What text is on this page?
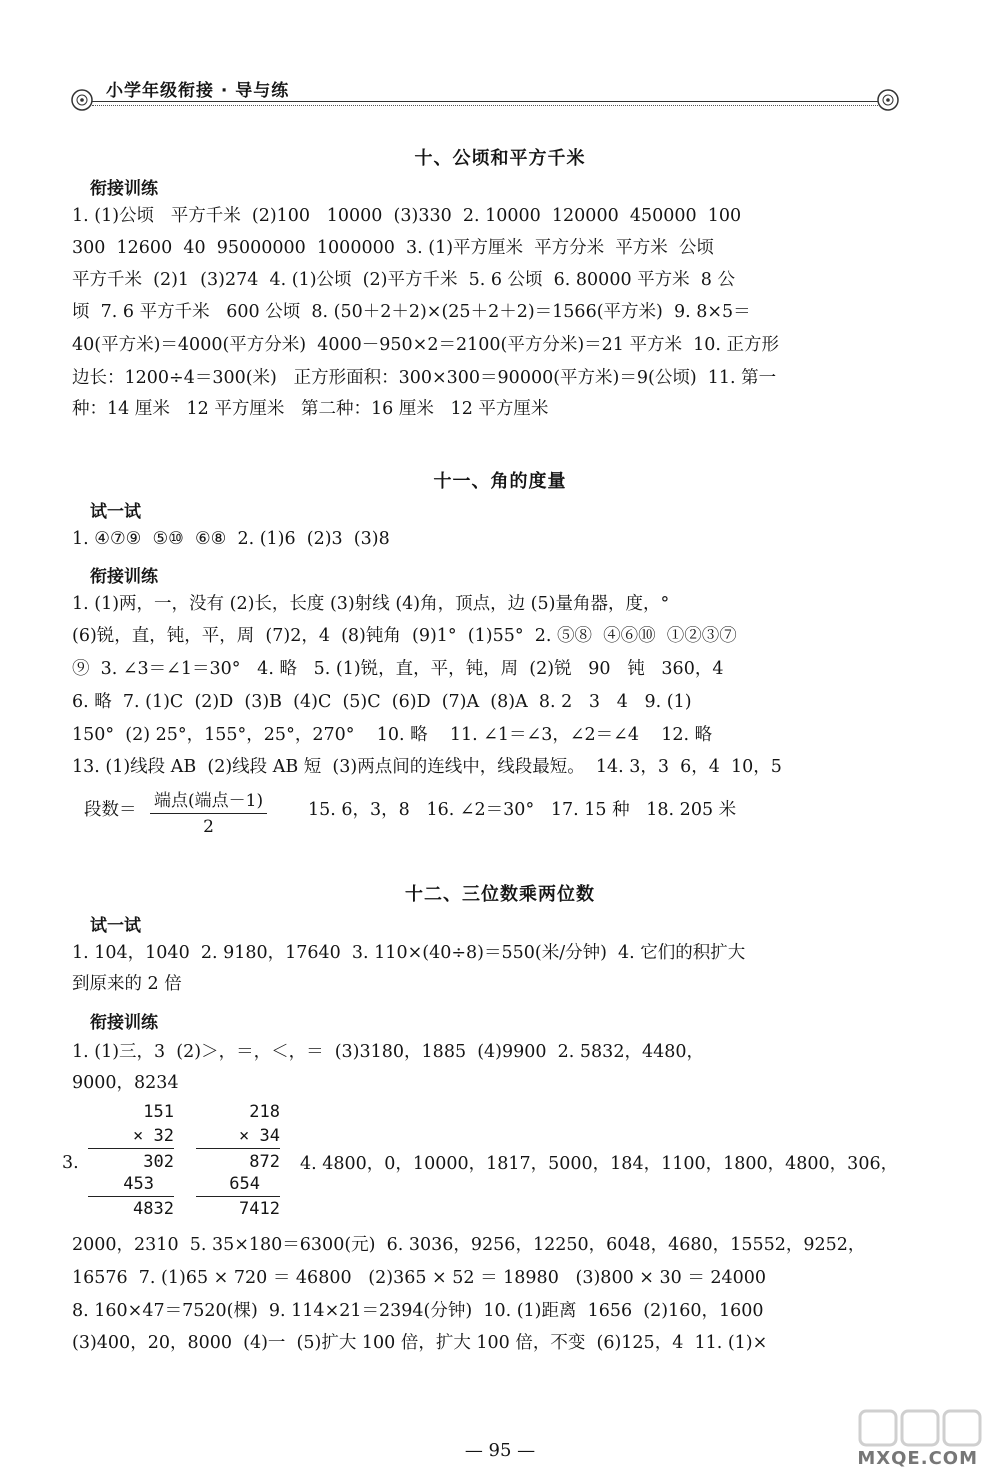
小学年级衔接 · 导与练
十、公顷和平方千米
衔接训练
1. (1)公顷   平方千米  (2)100   10000  (3)330  2. 10000  120000  450000  100
300  12600  40  95000000  1000000  3. (1)平方厘米  平方分米  平方米  公顷
平方千米  (2)1  (3)274  4. (1)公顷  (2)平方千米  5. 6 公顷  6. 80000 平方米  8 公
顷  7. 6 平方千米   600 公顷  8. (50＋2＋2)×(25＋2＋2)＝1566(平方米)  9. 8×5＝
40(平方米)＝4000(平方分米)  4000－950×2＝2100(平方分米)＝21 平方米  10. 正方形
边长：1200÷4＝300(米)   正方形面积：300×300＝90000(平方米)＝9(公顷)  11. 第一
种：14 厘米   12 平方厘米   第二种：16 厘米   12 平方厘米
十一、角的度量
试一试
1. ④⑦⑨  ⑤⑩  ⑥⑧  2. (1)6  (2)3  (3)8
衔接训练
1. (1)两，一，没有 (2)长，长度 (3)射线 (4)角，顶点，边 (5)量角器，度，°
(6)锐，直，钝，平，周  (7)2，4  (8)钝角  (9)1°  (1)55°  2. ⑤⑧  ④⑥⑩  ①②③⑦
⑨  3. ∠3＝∠1＝30°   4. 略   5. (1)锐，直，平，钝，周  (2)锐   90   钝   360，4
6. 略  7. (1)C  (2)D  (3)B  (4)C  (5)C  (6)D  (7)A  (8)A  8. 2   3   4   9. (1)
150°  (2) 25°，155°，25°，270°    10. 略    11. ∠1＝∠3，∠2＝∠4    12. 略
13. (1)线段 AB  (2)线段 AB 短  (3)两点间的连线中，线段最短。  14. 3，3  6，4  10，5
段数＝ 端点(端点－1)
2
15. 6，3，8   16. ∠2＝30°   17. 15 种   18. 205 米
十二、三位数乘两位数
试一试
1. 104，1040  2. 9180，17640  3. 110×(40÷8)＝550(米/分钟)  4. 它们的积扩大
到原来的 2 倍
衔接训练
1. (1)三，3  (2)＞，＝，＜，＝  (3)3180，1885  (4)9900  2. 5832，4480，
9000，8234
3.
151
× 32
302
453
4832
218
× 34
872
654
7412
4. 4800，0，10000，1817，5000，184，1100，1800，4800，306，
2000，2310  5. 35×180＝6300(元)  6. 3036，9256，12250，6048，4680，15552，9252，
16576  7. (1)65 × 720 ＝ 46800   (2)365 × 52 ＝ 18980   (3)800 × 30 ＝ 24000
8. 160×47＝7520(棵)  9. 114×21＝2394(分钟)  10. (1)距离  1656  (2)160，1600
(3)400，20，8000  (4)一  (5)扩大 100 倍，扩大 100 倍，不变  (6)125，4  11. (1)×
— 95 —	MXQE.COM
